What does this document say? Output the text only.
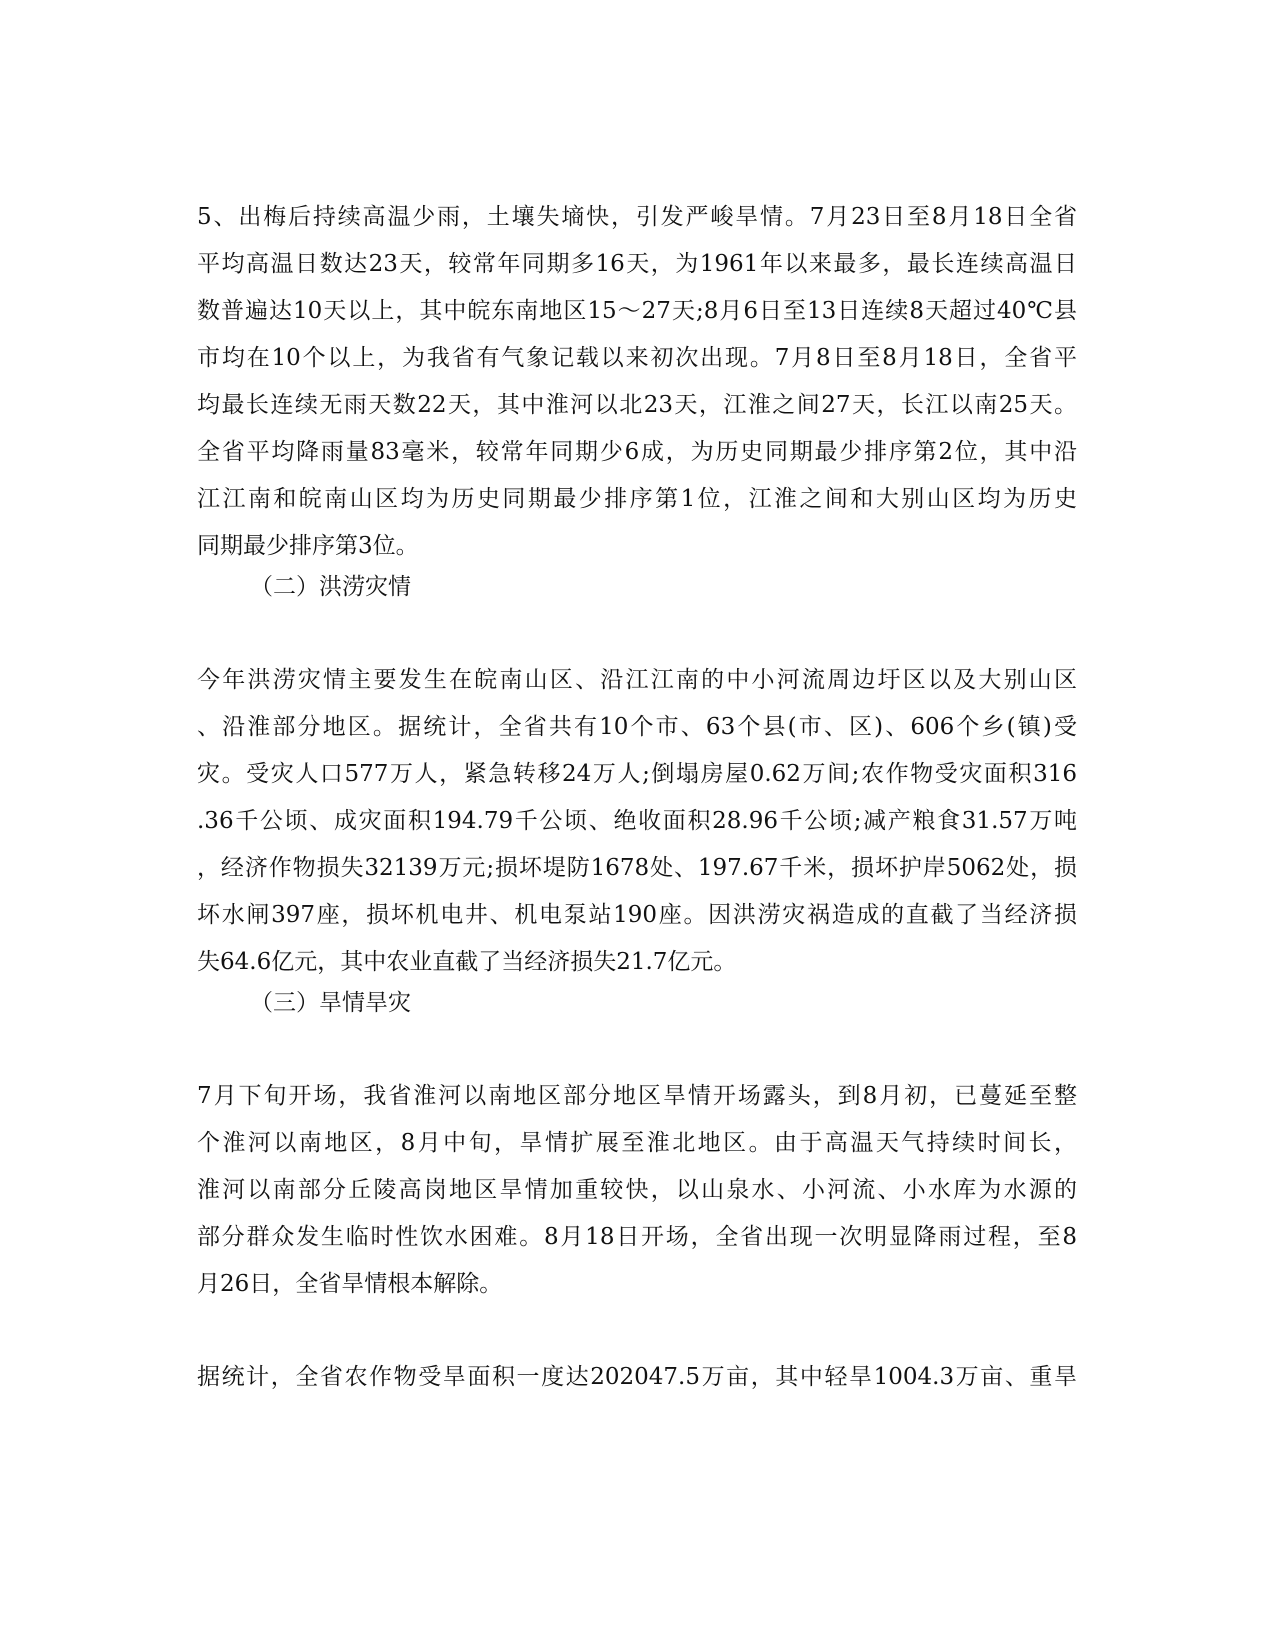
5、出梅后持续高温少雨，土壤失墒快，引发严峻旱情。7月23日至8月18日全省
平均高温日数达23天，较常年同期多16天，为1961年以来最多，最长连续高温日
数普遍达10天以上，其中皖东南地区15～27天;8月6日至13日连续8天超过40℃县
市均在10个以上，为我省有气象记载以来初次出现。7月8日至8月18日，全省平
均最长连续无雨天数22天，其中淮河以北23天，江淮之间27天，长江以南25天。
全省平均降雨量83毫米，较常年同期少6成，为历史同期最少排序第2位，其中沿
江江南和皖南山区均为历史同期最少排序第1位，江淮之间和大别山区均为历史
同期最少排序第3位。
（二）洪涝灾情
今年洪涝灾情主要发生在皖南山区、沿江江南的中小河流周边圩区以及大别山区
、沿淮部分地区。据统计，全省共有10个市、63个县(市、区)、606个乡(镇)受
灾。受灾人口577万人，紧急转移24万人;倒塌房屋0.62万间;农作物受灾面积316
.36千公顷、成灾面积194.79千公顷、绝收面积28.96千公顷;减产粮食31.57万吨
，经济作物损失32139万元;损坏堤防1678处、197.67千米，损坏护岸5062处，损
坏水闸397座，损坏机电井、机电泵站190座。因洪涝灾祸造成的直截了当经济损
失64.6亿元，其中农业直截了当经济损失21.7亿元。
（三）旱情旱灾
7月下旬开场，我省淮河以南地区部分地区旱情开场露头，到8月初，已蔓延至整
个淮河以南地区，8月中旬，旱情扩展至淮北地区。由于高温天气持续时间长，
淮河以南部分丘陵高岗地区旱情加重较快，以山泉水、小河流、小水库为水源的
部分群众发生临时性饮水困难。8月18日开场，全省出现一次明显降雨过程，至8
月26日，全省旱情根本解除。
据统计，全省农作物受旱面积一度达202047.5万亩，其中轻旱1004.3万亩、重旱
